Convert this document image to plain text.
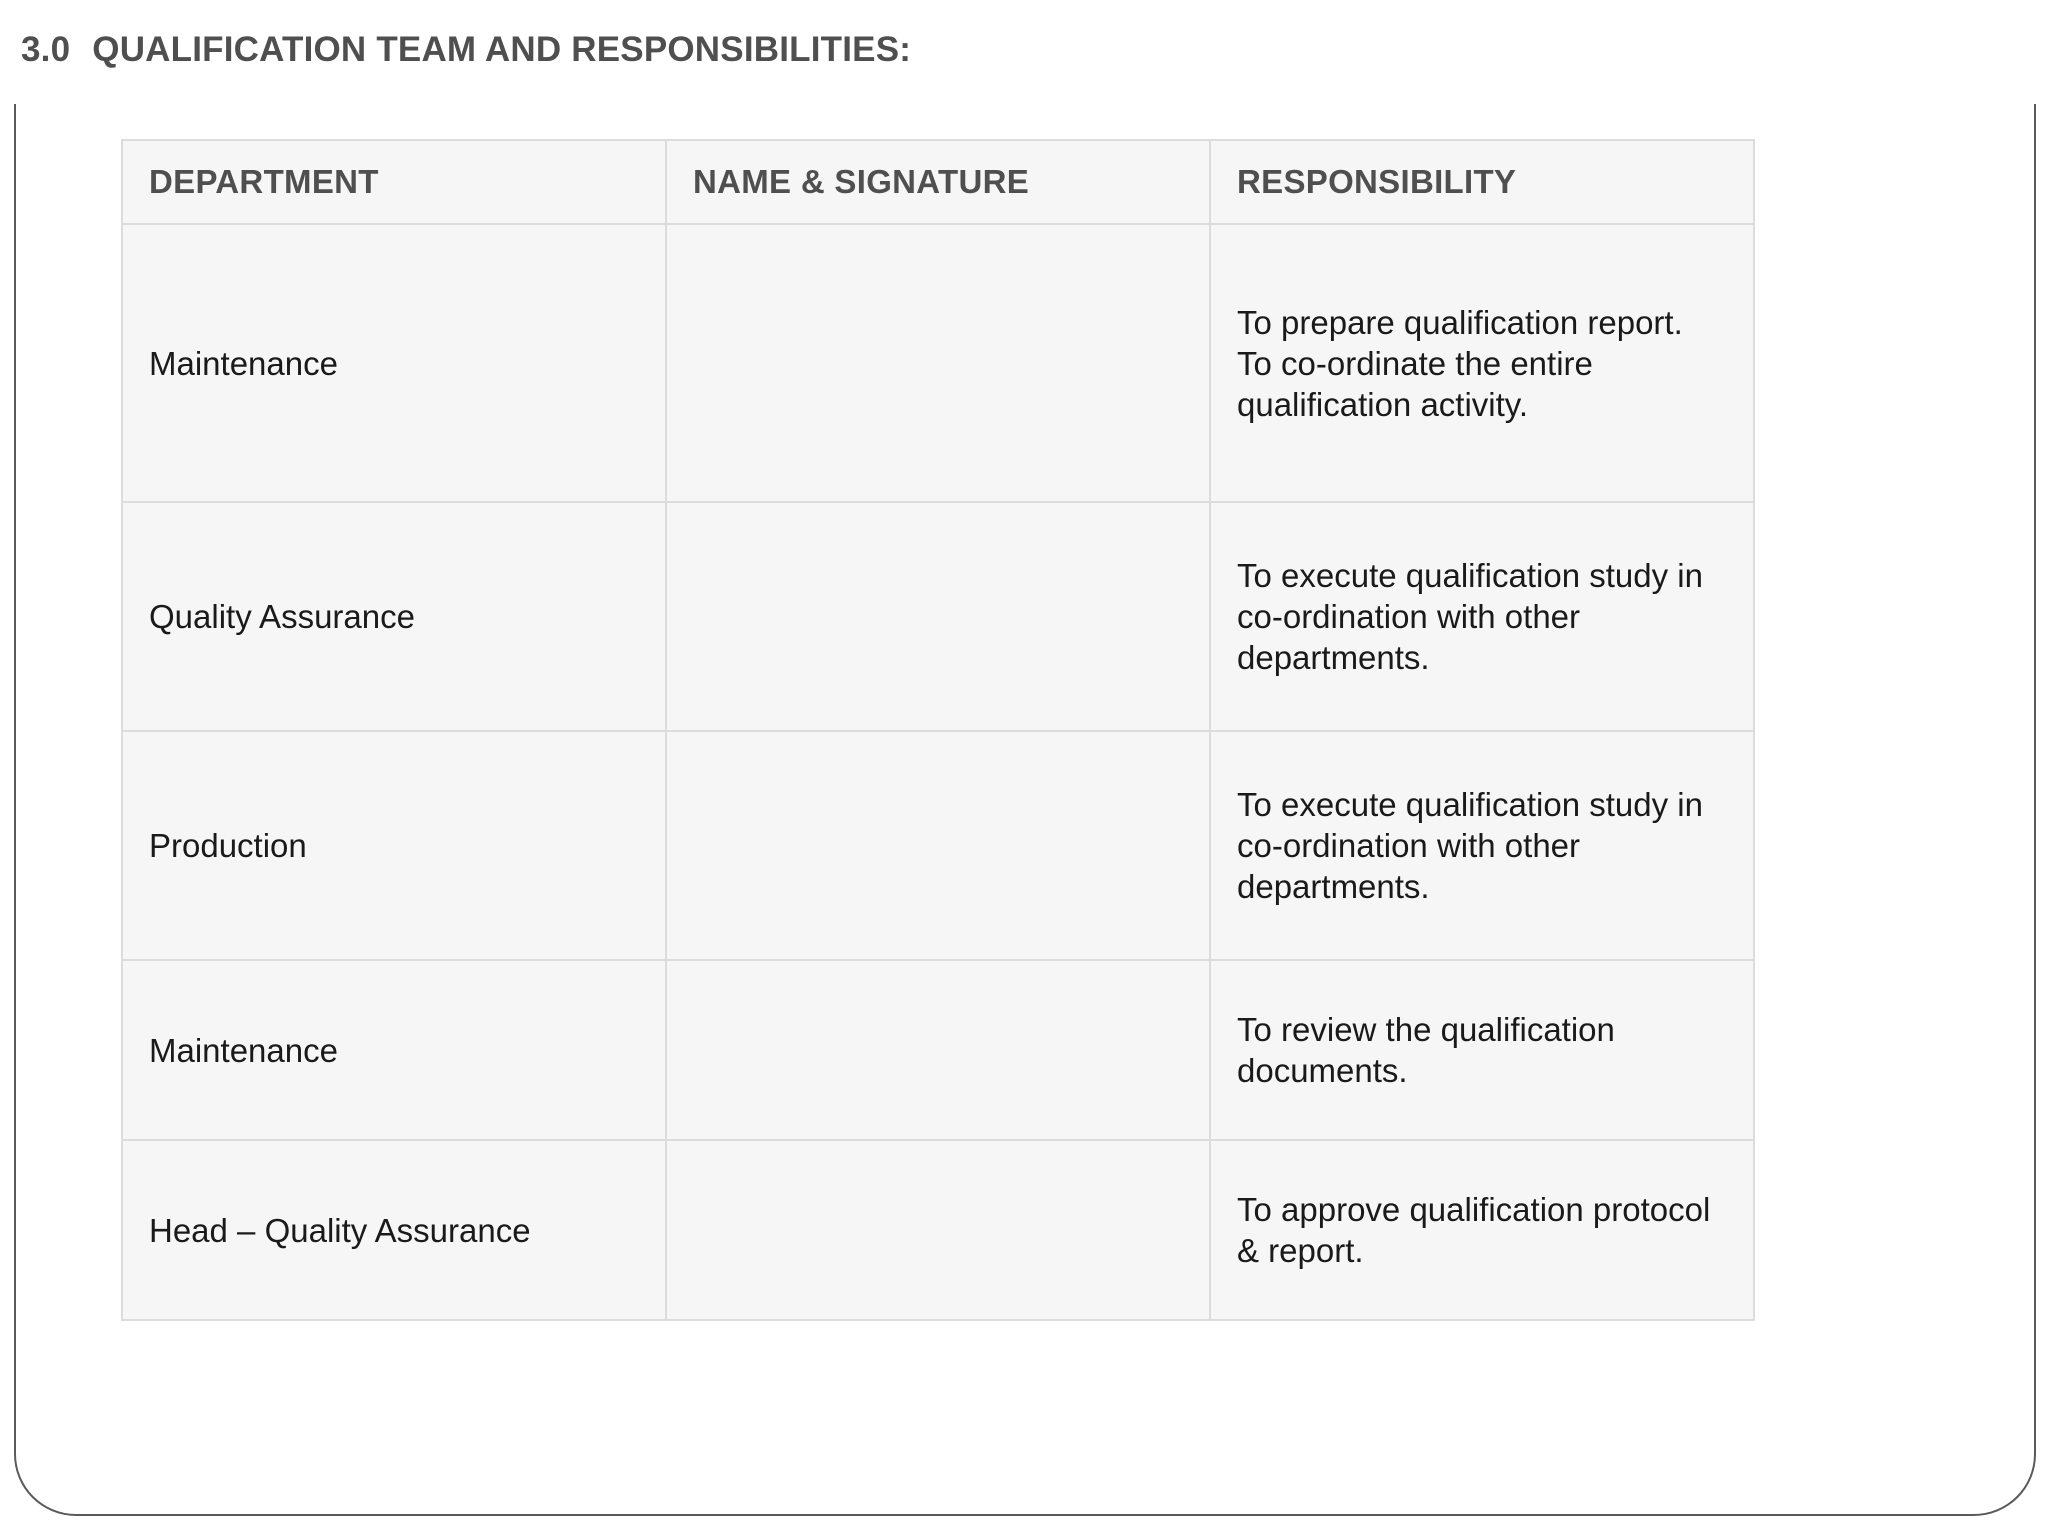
3.0 QUALIFICATION TEAM AND RESPONSIBILITIES:
DEPARTMENT	NAME & SIGNATURE	RESPONSIBILITY
Maintenance		To prepare qualification report.
To co-ordinate the entire
qualification activity.

Quality Assurance		To execute qualification study in
co-ordination with other
departments.

Production		To execute qualification study in
co-ordination with other
departments.

Maintenance		To review the qualification
documents.

Head – Quality Assurance		To approve qualification protocol
& report.
